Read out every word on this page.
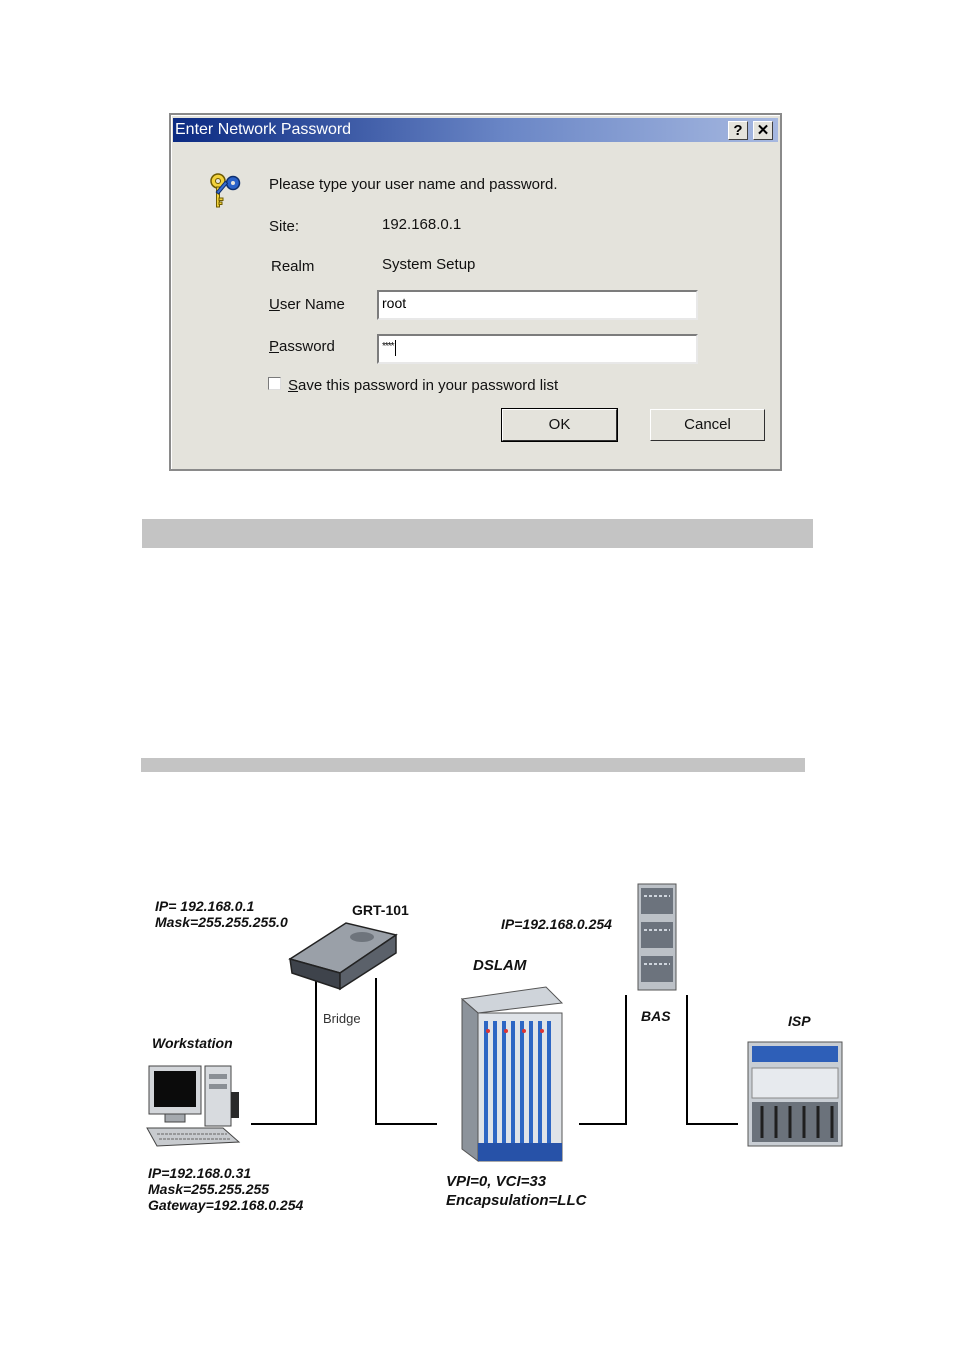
Enter Network Password	? ✕
Please type your user name and password.
Site:	192.168.0.1
Realm	System Setup
User Name	root
Password	****
Save this password in your password list
OK	Cancel
IP= 192.168.0.1
Mask=255.255.255.0
GRT-101
Bridge
IP=192.168.0.254
DSLAM
BAS	ISP
Workstation
IP=192.168.0.31
Mask=255.255.255
Gateway=192.168.0.254
VPI=0, VCI=33
Encapsulation=LLC
